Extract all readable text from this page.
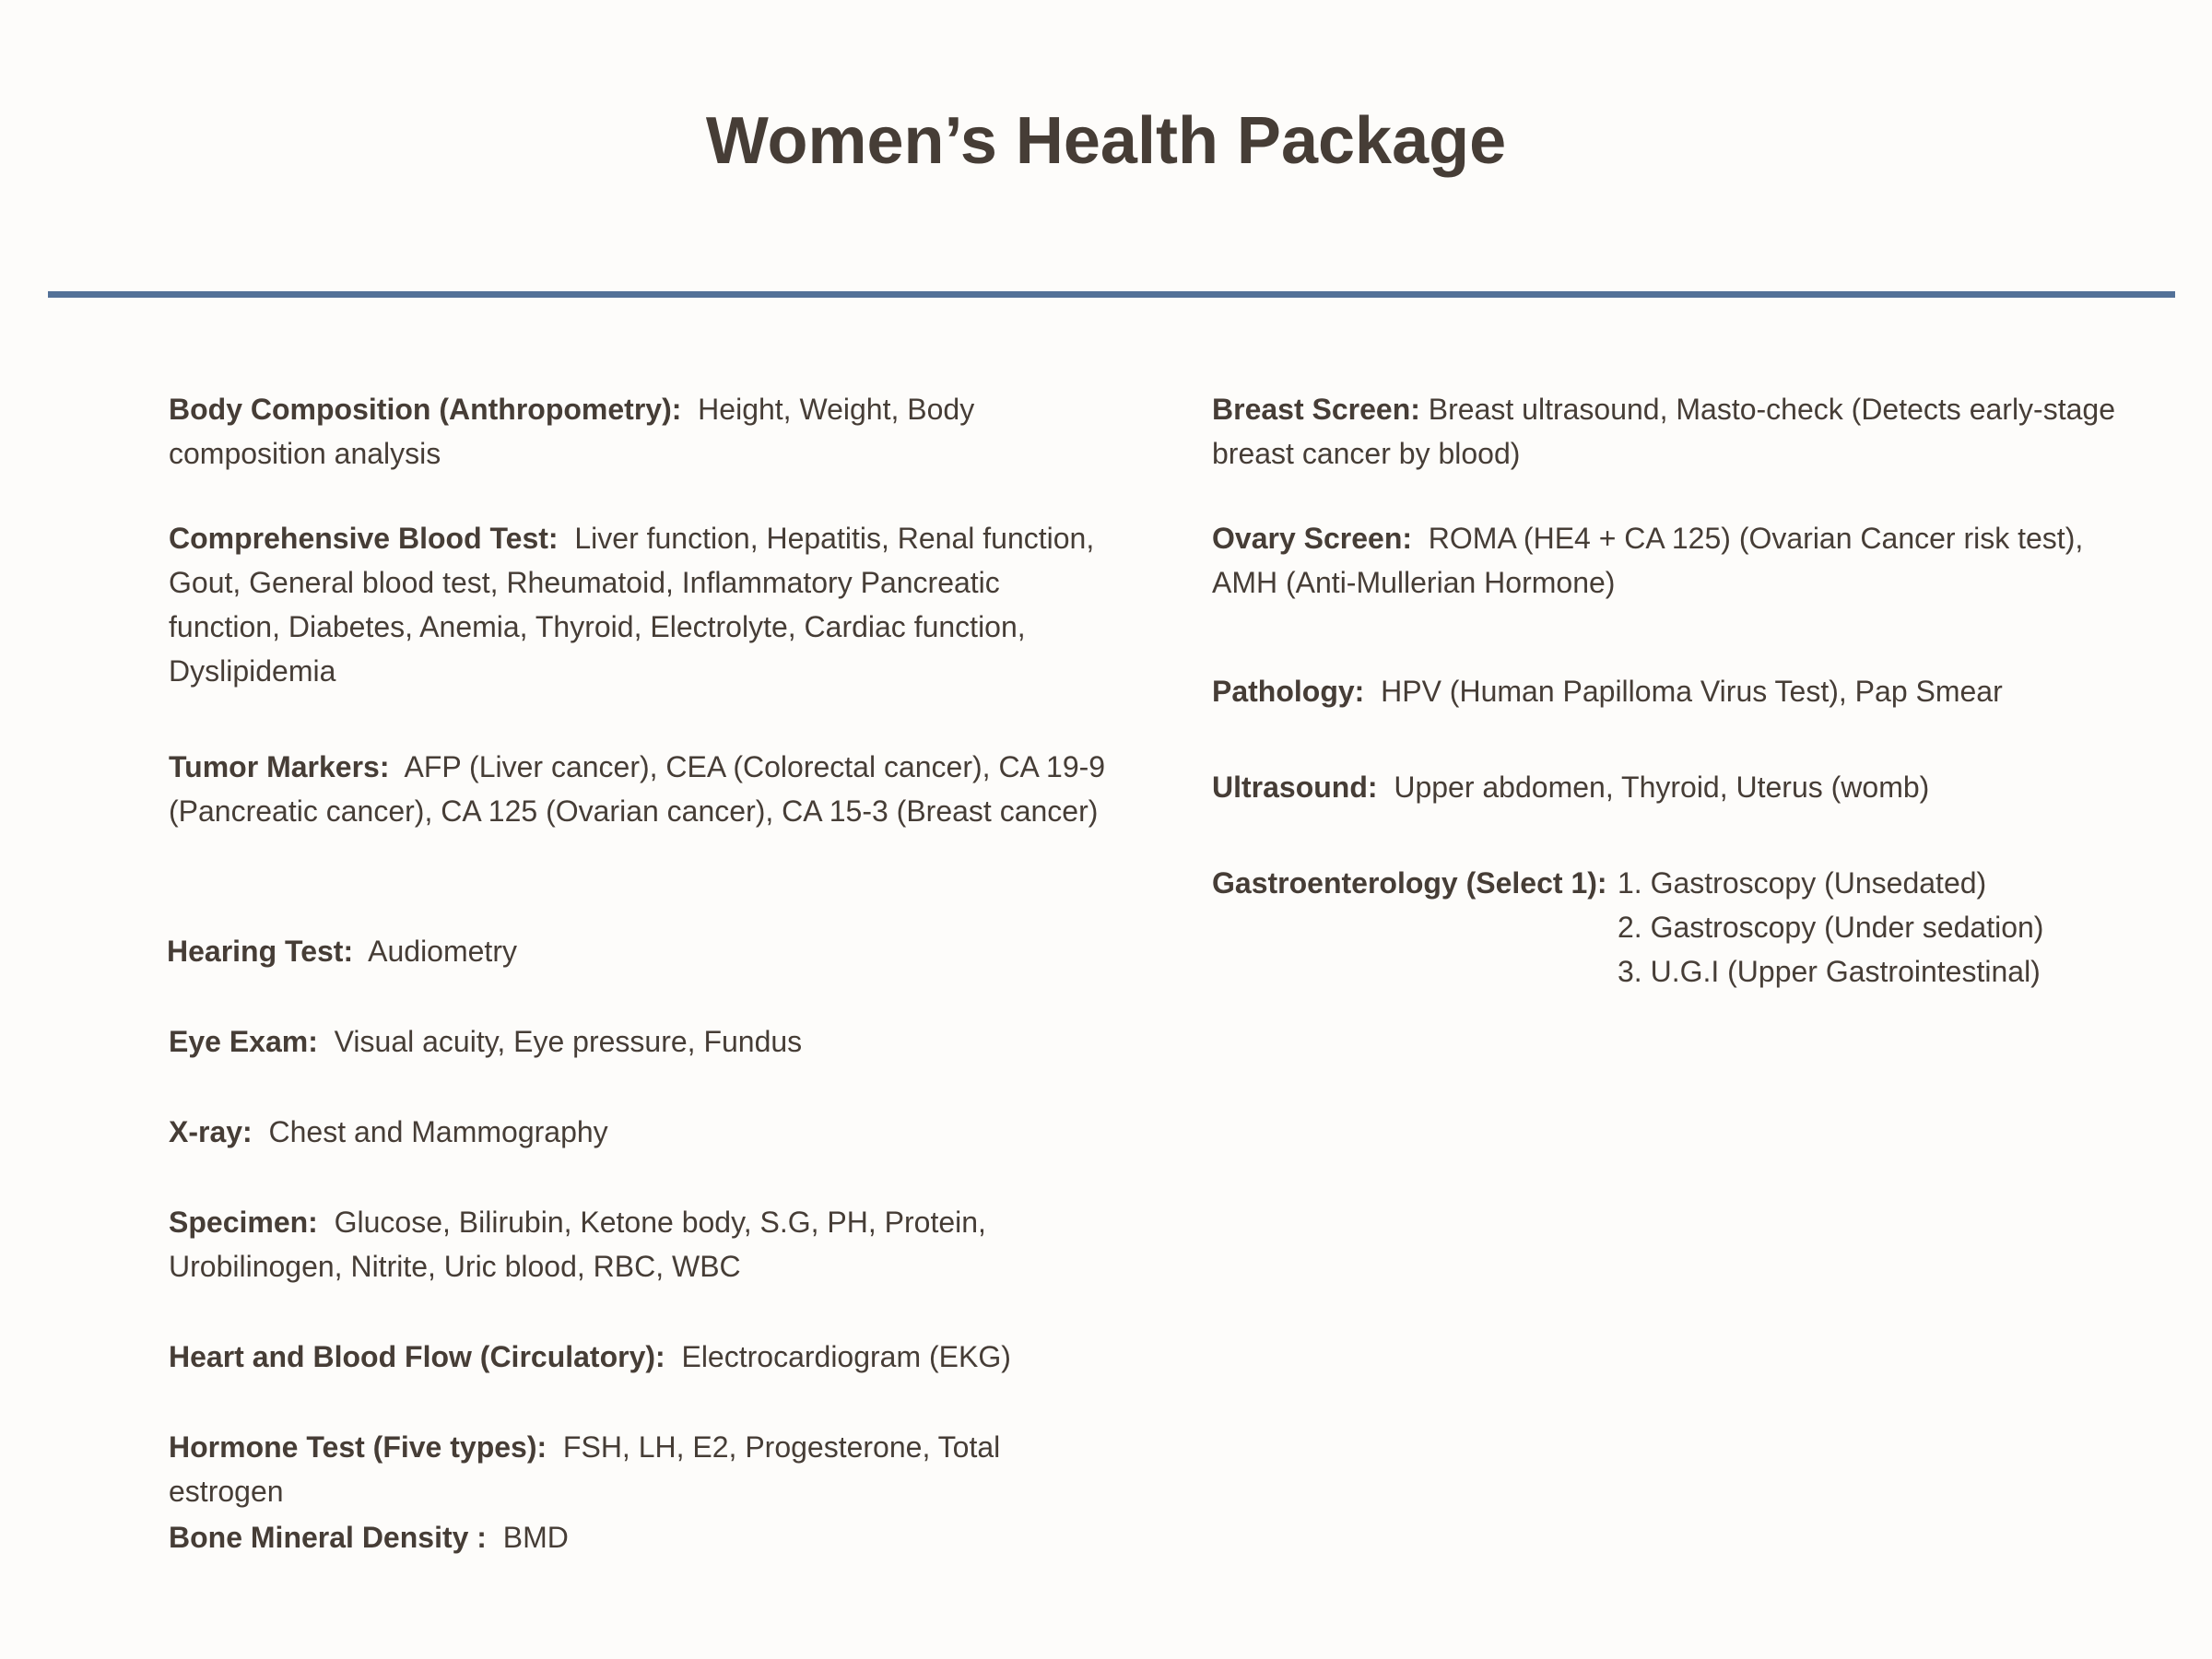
Women’s Health Package
Body Composition (Anthropometry): Height, Weight, Body composition analysis
Comprehensive Blood Test: Liver function, Hepatitis, Renal function, Gout, General blood test, Rheumatoid, Inflammatory Pancreatic function, Diabetes, Anemia, Thyroid, Electrolyte, Cardiac function, Dyslipidemia
Tumor Markers: AFP (Liver cancer), CEA (Colorectal cancer), CA 19-9 (Pancreatic cancer), CA 125 (Ovarian cancer), CA 15-3 (Breast cancer)
Hearing Test: Audiometry
Eye Exam: Visual acuity, Eye pressure, Fundus
X-ray: Chest and Mammography
Specimen: Glucose, Bilirubin, Ketone body, S.G, PH, Protein, Urobilinogen, Nitrite, Uric blood, RBC, WBC
Heart and Blood Flow (Circulatory): Electrocardiogram (EKG)
Hormone Test (Five types): FSH, LH, E2, Progesterone, Total estrogen
Bone Mineral Density : BMD
Breast Screen: Breast ultrasound, Masto-check (Detects early-stage breast cancer by blood)
Ovary Screen: ROMA (HE4 + CA 125) (Ovarian Cancer risk test), AMH (Anti-Mullerian Hormone)
Pathology: HPV (Human Papilloma Virus Test), Pap Smear
Ultrasound: Upper abdomen, Thyroid, Uterus (womb)
Gastroenterology (Select 1): 1. Gastroscopy (Unsedated)
2. Gastroscopy (Under sedation)
3. U.G.I (Upper Gastrointestinal)
